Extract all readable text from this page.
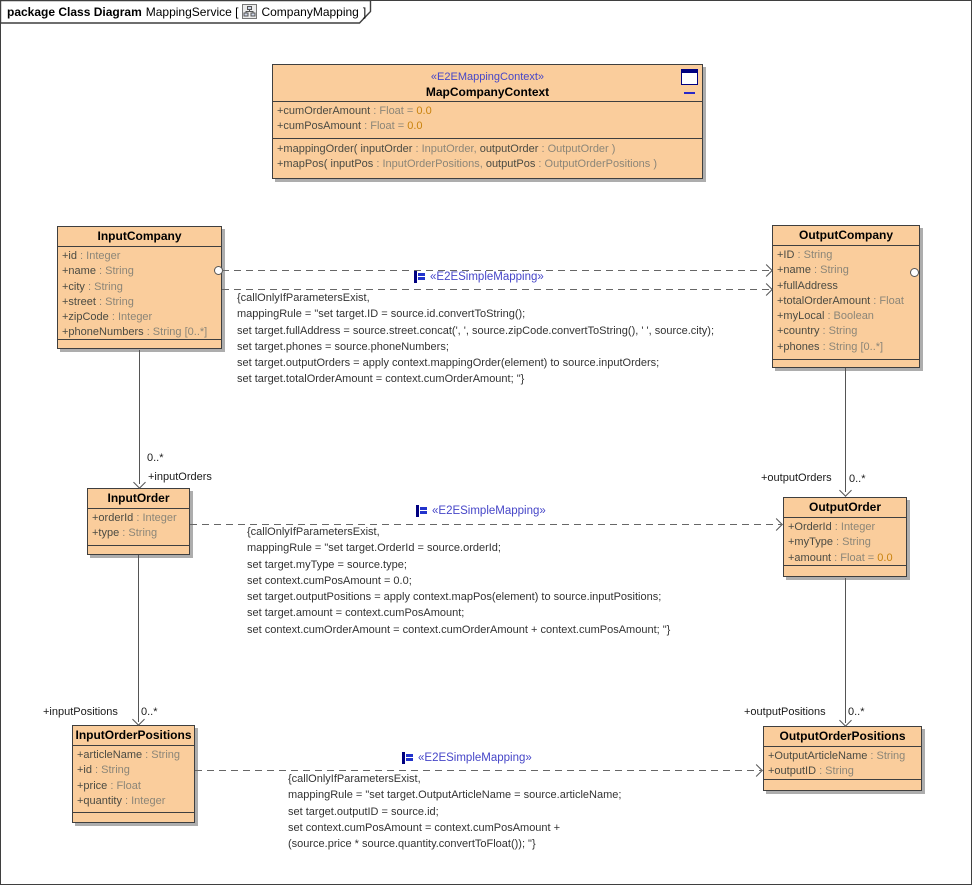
package Class Diagram MappingService [ CompanyMapping ]
«E2EMappingContext»
MapCompanyContext
+cumOrderAmount : Float = 0.0
+cumPosAmount : Float = 0.0
+mappingOrder( inputOrder : InputOrder, outputOrder : OutputOrder )
+mapPos( inputPos : InputOrderPositions, outputPos : OutputOrderPositions )
InputCompany
+id : Integer
+name : String
+city : String
+street : String
+zipCode : Integer
+phoneNumbers : String [0..*]
OutputCompany
+ID : String
+name : String
+fullAddress
+totalOrderAmount : Float
+myLocal : Boolean
+country : String
+phones : String [0..*]
InputOrder
+orderId : Integer
+type : String
OutputOrder
+OrderId : Integer
+myType : String
+amount : Float = 0.0
InputOrderPositions
+articleName : String
+id : String
+price : Float
+quantity : Integer
OutputOrderPositions
+OutputArticleName : String
+outputID : String
«E2ESimpleMapping»
{callOnlyIfParametersExist,
mappingRule = "set target.ID = source.id.convertToString();
set target.fullAddress = source.street.concat(', ', source.zipCode.convertToString(), ' ', source.city);
set target.phones = source.phoneNumbers;
set target.outputOrders = apply context.mappingOrder(element) to source.inputOrders;
set target.totalOrderAmount = context.cumOrderAmount; "}
«E2ESimpleMapping»
{callOnlyIfParametersExist,
mappingRule = "set target.OrderId = source.orderId;
set target.myType = source.type;
set context.cumPosAmount = 0.0;
set target.outputPositions = apply context.mapPos(element) to source.inputPositions;
set target.amount = context.cumPosAmount;
set context.cumOrderAmount = context.cumOrderAmount + context.cumPosAmount; "}
«E2ESimpleMapping»
{callOnlyIfParametersExist,
mappingRule = "set target.OutputArticleName = source.articleName;
set target.outputID = source.id;
set context.cumPosAmount = context.cumPosAmount +
(source.price * source.quantity.convertToFloat()); "}
0..*
+inputOrders	+outputOrders 0..*
+inputPositions 0..*	+outputPositions 0..*
